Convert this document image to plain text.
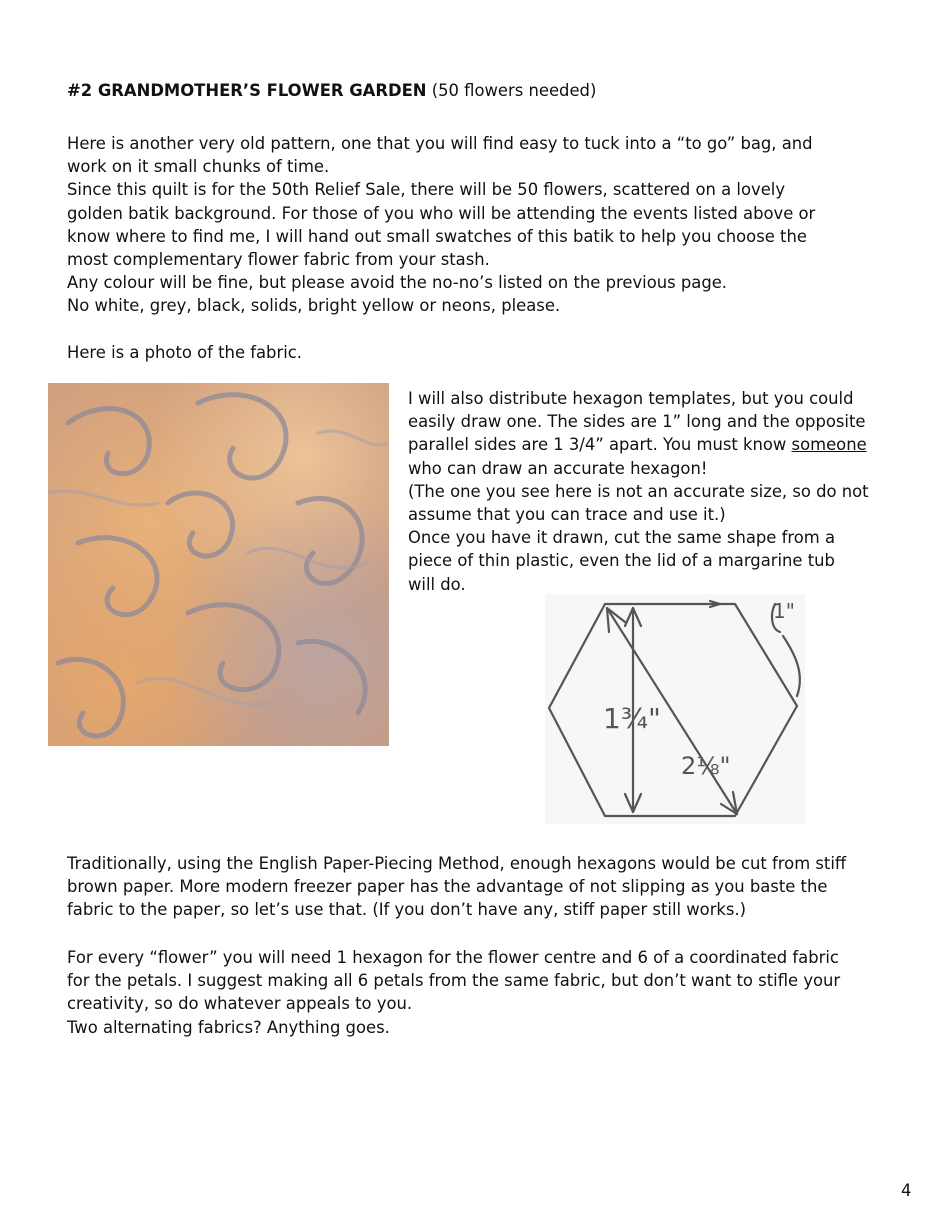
#2 GRANDMOTHER’S FLOWER GARDEN (50 flowers needed)

Here is another very old pattern, one that you will find easy to tuck into a “to go” bag, and
work on it small chunks of time.
Since this quilt is for the 50th Relief Sale, there will be 50 flowers, scattered on a lovely
golden batik background. For those of you who will be attending the events listed above or
know where to find me, I will hand out small swatches of this batik to help you choose the
most complementary flower fabric from your stash.
Any colour will be fine, but please avoid the no-no’s listed on the previous page.
No white, grey, black, solids, bright yellow or neons, please.

Here is a photo of the fabric.

I will also distribute hexagon templates, but you could
easily draw one. The sides are 1” long and the opposite
parallel sides are 1 3/4” apart. You must know someone
who can draw an accurate hexagon!
(The one you see here is not an accurate size, so do not
assume that you can trace and use it.)
Once you have it drawn, cut the same shape from a
piece of thin plastic, even the lid of a margarine tub
will do.
1"
1¾"
2⅛"
Traditionally, using the English Paper-Piecing Method, enough hexagons would be cut from stiff
brown paper. More modern freezer paper has the advantage of not slipping as you baste the
fabric to the paper, so let’s use that. (If you don’t have any, stiff paper still works.)
For every “flower” you will need 1 hexagon for the flower centre and 6 of a coordinated fabric
for the petals. I suggest making all 6 petals from the same fabric, but don’t want to stifle your
creativity, so do whatever appeals to you.
Two alternating fabrics? Anything goes.

4
